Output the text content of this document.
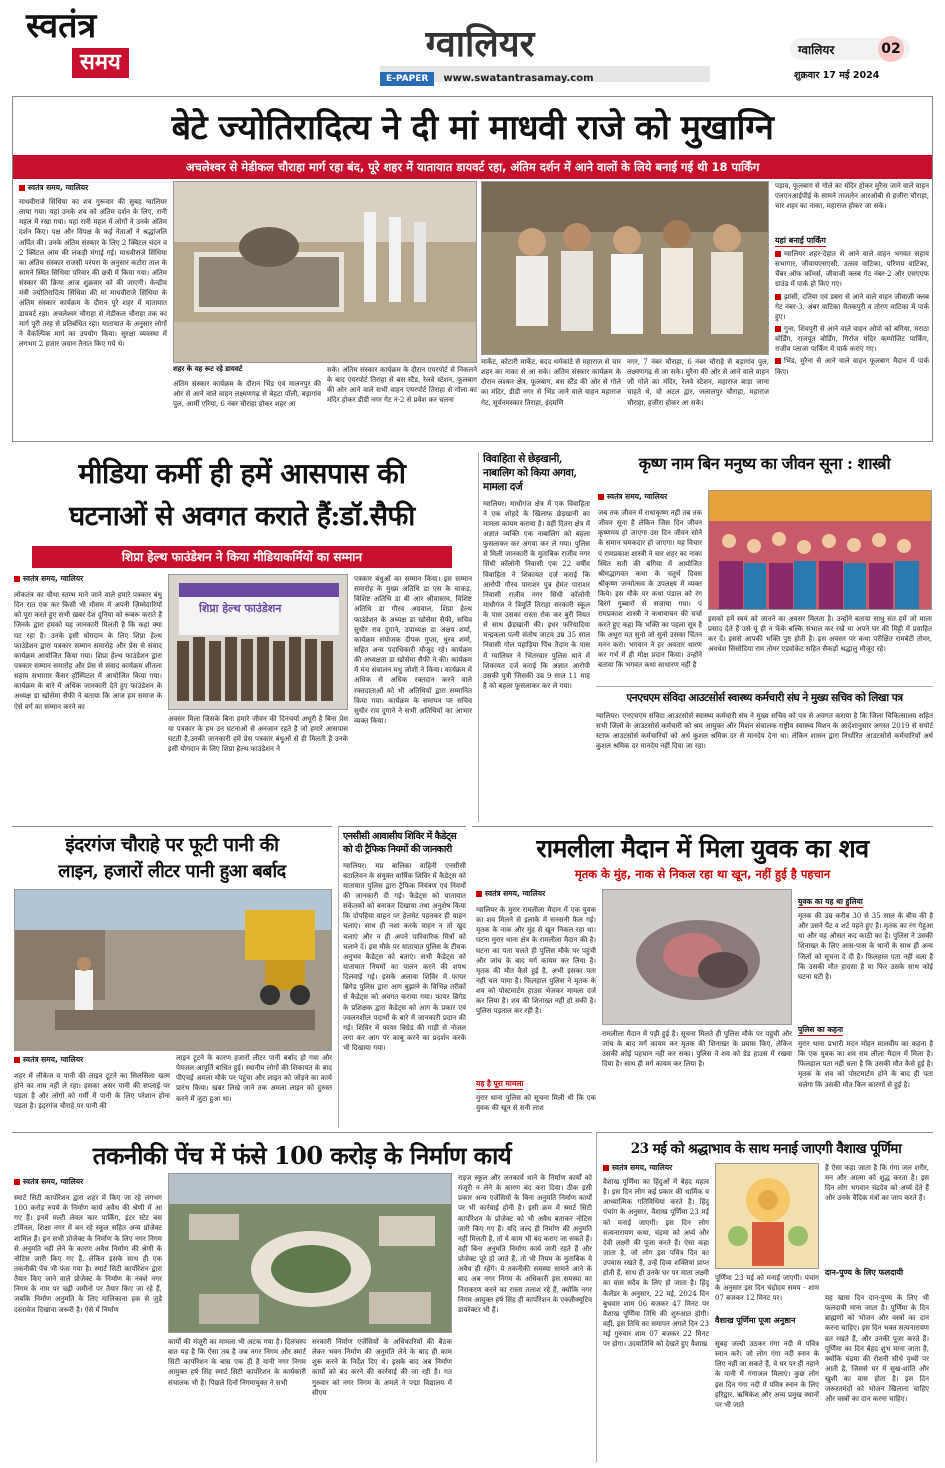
स्वतंत्र
समय	ग्वालियर
E-PAPER www.swatantrasamay.com
ग्वालियर	02
शुक्रवार 17 मई 2024
बेटे ज्योतिरादित्य ने दी मां माधवी राजे को मुखाग्नि
अचलेश्वर से मेडीकल चौराहा मार्ग रहा बंद, पूरे शहर में यातायात डायवर्ट रहा, अंतिम दर्शन में आने वालों के लिये बनाई गई थी 18 पार्किंग
स्वतंत्र समय, ग्वालियर
माधवीराजे सिंधिया का शव गुरूवार की सुबह ग्वालियर लाया गया। यहां उनके शव को अंतिम दर्शन के लिए, रानी महल में रखा गया। यहां रानी महल में लोगों ने उनके अंतिम दर्शन किए। पक्ष और विपक्ष के कई नेताओं ने श्रद्धांजलि अर्पित की। उनके अंतिम संस्कार के लिए 2 क्विंटल चंदन व 2 क्विंटल आम की लकड़ी मंगाई गई। माधवीराजे सिंधिया का अंतिम संस्कार राजसी परंपरा के अनुसार कटोरा ताल के सामने स्थित सिंधिया परिवार की छत्री में किया गया। अंतिम संस्कार की क्रिया आज शुक्रवार को की जाएगी। केन्द्रीय मंत्री ज्योतिरादित्य सिंधिया की मां माधवीराजे सिंधिया के अंतिम संस्कार कार्यक्रम के दौरान पूरे शहर में यातायात डायवर्ट रहा। अचलेश्वर चौराहा से मेडीकल चौराहा तक का मार्ग पूरी तरह से प्रतिबंधित रहा। यातायात के अनुसार लोगों ने वैकल्पिक मार्ग का उपयोग किया। सुरक्षा व्यवस्था में लगभग 2 हजार जवान तैनात किए गये थे।
शहर के यह रूट रहे डायवर्ट
अंतिम संस्कार कार्यक्रम के दौरान भिंड एवं मालनपुर की ओर से आने वाले वाहन लक्ष्मणगढ़ से बेहटा पॉली, बड़ागांव पुल, आर्मी एरिया, 6 नंबर चौराहा होकर शहर आ
सके। अंतिम संस्कार कार्यक्रम के दौरान एयरपोर्ट से निकलने के बाद एयरपोर्ट तिराहा से बस स्टैंड, रेलवे स्टेशन, फूलबाग की ओर आने वाले सभी वाहन एयरपोर्ट तिराहा से गोला का मंदिर होकर डीडी नगर गेट नं-2 से प्रवेश कर चलना
मार्केट, कोटारी मार्केट, बदद धर्मकांटे से महाराज से चार शहर का नाका से आ सके। अंतिम संस्कार कार्यक्रम के दौरान लश्कर क्षेत्र, फूलबाग, बस स्टैंड की ओर से गोले का मंदिर, डीडी नगर से भिंड जाने वाले वाहन महाराज गेट, सूर्यनमस्कार तिराहा, इंदमणि
नगर, 7 नंबर चौराहा, 6 नंबर चौराहे से बड़ागांव पुल, लक्ष्मणगढ़ से जा सके। मुरैना की ओर से आने वाले वाहन जौ गोले का मंदिर, रेलवे स्टेशन, महाराज बाड़ा जाना चाहते थे, वो अटल द्वार, जलालपुर चौराहा, महाराज चौराहा, हजीरा होकर आ सके।
पड़ाव, फूलबाग से गोले का मंदिर होकर मुरैना जाने वाले वाहन एलएनआईपीई के सामने ताजलेन आरओबी से हजीरा चौराहा, चार शहर का नाका, महाराज होकर जा सके।
यहां बनाई पार्किंग
ग्वालियर शहर-देहात से आने वाले वाहन भगवत सहाय सभागार, जीवायएसएसी, उत्सव वाटिका, परिणय वाटिका, चैंबर ऑफ कॉमर्स, जीवाजी क्लब गेट नंबर-2 और एसएएफ ग्राउंड में पार्क हो किए गए।
झांसी, दतिया एवं डबरा से आने वाले वाहन जीवाजी क्लब गेट नंबर-3, अंबर वाटिका चैतकपुरी व तोरण वाटिका में पार्क हुए।
गुना, शिवपुरी से आने वाले वाहन ओपो को बगिया, मराठा बोर्डिंग, राजपूत बोर्डिंग, गिर्राज मंदिर कम्पोजिट पार्किंग, राजीव प्लाजा पार्किंग में पार्क कराए गए।
भिंड, मुरैना से आने वाले वाहन फूलबाग मैदान में पार्क किए।
मीडिया कर्मी ही हमें आसपास की
घटनाओं से अवगत कराते हैं:डॉ.सैफी
शिप्रा हेल्थ फाउंडेशन ने किया मीडियाकर्मियों का सम्मान
स्वतंत्र समय, ग्वालियर
लोकतंत्र का चौथा स्तम्भ माने जाने वाले हमारे पत्रकार बंधु दिन रात एक कर किसी भी मौसम में अपनी ज़िम्मेदारियों को पूरा करते हुए सभी ख़बर देश दुनिया को रूबरू कराते हैं जिनके द्वारा हमको यह जानकारी मिलती है कि कहां क्या घट रहा है। उनके इसी योगदान के लिए शिप्रा हेल्थ फाउंडेशन द्वारा पत्रकार सम्मान समारोह और प्रेस से संवाद कार्यक्रम आयोजित किया गया। शिप्रा हेल्थ फाउंडेशन द्वारा पत्रकार सम्मान समारोह और प्रेस से संवाद कार्यक्रम शीतला सहाय सभागार कैंसर हॉस्पिटल में आयोजित किया गया। कार्यक्रम के बारे में अधिक जानकारी देते हुए फाउंडेशन के अध्यक्ष डा खोसेमा सैफी ने बताया कि आज हम समाज के ऐसे वर्ग का सम्मान करने का
शिप्रा हेल्थ फाउंडेशन
अवसर मिला जिसके बिना हमारे जीवन की दिनचर्या अधूरी है बिना प्रेस या पत्रकार के हम उन घटनाओं से अनजान रहते है जो हमारे आसपास घटती है,उनकी जानकारी हमें प्रेस पत्रकार बंधुओं से ही मिलती है उनके इसी योगदान के लिए शिप्रा हेल्थ फाउंडेशन ने
पत्रकार बंधुओं का सम्मान किया। इस सम्मान समारोह के मुख्य अतिथि डा एस के चाकड़, विशिष्ट अतिथि डा बी आर श्रीवास्तव, विशिष्ट अतिथि डा गौरव अग्रवाल, शिप्रा हेल्थ फाउंडेशन के अध्यक्ष डा खोसेमा सैफी, सचिव सुधीर राव दुगाने, उपाध्यक्ष डा अक्षय शर्मा, कार्यक्रम संयोजक दीपक गुप्ता, धुरव शर्मा, सहित अन्य पदाधिकारी मौजूद रहे। कार्यक्रम की अध्यक्षता डा खोसेमा सैफी ने की। कार्यक्रम में मंच संचालन मधु जोशी ने किया। कार्यक्रम में अधिक से अधिक रक्तदान करने वाले रक्तदाताओं को भी अतिथियों द्वारा सम्मानित किया गया। कार्यक्रम के समापन पर सचिव सुधीर राव दुगाने ने सभी अतिथियों का आभार व्यक्त किया।
विवाहिता से छेड़खानी, नाबालिग को किया अगवा, मामला दर्ज
ग्वालियर। माधौगंज क्षेत्र में एक विवाहिता ने एक शोहदे के खिलाफ छेड़खानी का मामला कायम कराया है। वहीं दितरा क्षेत्र में अज्ञात व्यक्ति एक नाबालिग को बहला फुसलाकर कर अगवा कर ले गया। पुलिस से मिली जानकारी के मुताबिक राजीव नगर सिंधी कॉलोनी निवासी एक 22 वर्षीय विवाहिता ने शिकायत दर्ज कराई कि आरोपी गौरव पाराशर पुत्र हेमंत पाराशर निवासी राजीव नगर सिंधी कॉलोनी माधौगंज ने त्रिमूर्ति तिराहा सरकारी स्कूल के पास उसका रास्ता रोक कर बुरी नियत से साथ छेड़खानी की। इधर फरियादिया चन्द्रकला पत्नी संतोष जाटव उम्र 35 साल निवासी गोल पहाड़िया पिंच तैदाम के पास में ग्वालियर ने भितरवार पुलिस थाने में शिकायत दर्ज कराई कि अज्ञात आरोपी उसकी पुत्री जिसकी उम्र 9 साल 11 माह है को बहला फुसलाकर कर ले गया।
कृष्ण नाम बिन मनुष्य का जीवन सूना : शास्त्री
स्वतंत्र समय, ग्वालियर
जब तक जीवन में राधाकृष्ण नहीं तब तक जीवन सूना है लेकिन जिस दिन जीवन कृष्णमय हो जाएगा उस दिन जीवन सोने के समान चमकदार हो जाएगा। यह विचार पं रामप्रकाश शास्त्री ने चार शहर का नाका स्थित सती की बगिया में आयोजित श्रीमद्भागवत कथा के चतुर्थ दिवस श्रीकृष्ण जन्मोत्सव के उपलक्ष्य में व्यक्त किये। इस मौके पर कथा पंडाल को रंग बिरंगे गुब्बारों से सजाया गया। पं रामप्रकाश शास्त्री ने कथावाचन की चर्चा करते हुए कहा कि भक्ति का पहला सूत्र है कि अधूरा मत सुनो जो सुनो उसका चिंतन मनन करो। भगवान ने हर अवतार धारण कर गर्भ में ही मोक्ष प्रदान किया। उन्होंने बताया कि भगवत कथा साधारण नहीं है
इसको हमें स्वयं को जानने का अवसर मिलता है। उन्होंने बताया साधु संत हमें जो माला प्रसाद देते हैं उसे यूं ही न फेंके बल्कि संभाल कर रखें या अपने घर की मिट्टी में प्रवाहित कर दें। इससे आपकी भक्ति पुष्ट होती है। इस अवसर पर कथा परीक्षित रामबेटी तोमर, अवधेश सिसोदिया राम तोमर एडवोकेट सहित सैकड़ों श्रद्धालु मौजूद रहे।
एनएचएम संविदा आउटसोर्स स्वास्थ्य कर्मचारी संघ ने मुख्य सचिव को लिखा पत्र
ग्वालियर। एनएचएम संविदा आउटसोर्स स्वास्थ्य कर्मचारी संघ ने मुख्य सचिव को पत्र से अवगत कराया है कि जिला चिकित्सालय सहित सभी जिलों के आउटसोर्स कर्मचारी को श्रम आयुक्त और मिशन संचालक राष्ट्रीय स्वास्थ्य मिशन के आदेशानुसार अगस्त 2019 से सपोर्ट स्टाफ आउटसोर्स कर्मचारियों को अर्ध कुशल श्रमिक दर से मानदेय देना था। लेकिन शासन द्वारा निर्धारित आउटसोर्स कर्मचारियों अर्ध कुशल श्रमिक दर मानदेय नहीं दिया जा रहा।
इंदरगंज चौराहे पर फूटी पानी की
लाइन, हजारों लीटर पानी हुआ बर्बाद
स्वतंत्र समय, ग्वालियर
शहर में लीकेज व पानी की लाइन टूटने का सिलसिला खत्म होने का नाम नहीं ले रहा। इसका असर पानी की सप्लाई पर पड़ता है और लोगों को गर्मी में पानी के लिए परेशान होना पड़ता है। इंदरगंज चौराहे पर पानी की
लाइन टूटने के कारण हजारों लीटर पानी बर्बाद हो गया और पेयजल आपूर्ति बाधित हुई। स्थानीय लोगों की शिकायत के बाद पीएचई अमला मौके पर पहुंचा और लाइन को जोड़ने का कार्य प्रारंभ किया। खबर लिखे जाने तक अमला लाइन को दुरुस्त करने में जुटा हुआ था।
एनसीसी आवासीय शिविर में कैडेट्स को दी ट्रैफिक नियमों की जानकारी
ग्वालियर। मप्र बालिका वाहिनी एनसीसी बटालियन के संयुक्त वार्षिक शिविर में कैडेट्स को यातायात पुलिस द्वारा ट्रैफिक नियंत्रण एवं नियमों की जानकारी दी गई। कैडेट्स को यातायात संकेतकों को बनाकर दिखाया तथा अनुशेष किया कि दोपहिया वाहन पर हेलमेट पहनकर ही वाहन चलाएं। साथ ही नशा करके वाहन न तो खुद चलाएं और न ही अपने पारिवारिक मित्रों को चलाने दें। इस मौके पर यातायात पुलिस के टीचक अनुभव कैडेट्स को बताएं। सभी कैडेट्स को यातायात नियमों का पालन करने की शपथ दिलवाई गई। इसके अलावा शिविर में फायर ब्रिगेड पुलिस द्वारा आग बुझाने के विभिन्न तरीकों से कैडेट्स को अवगत कराया गया। फायर ब्रिगेड के प्रशिक्षक द्वारा कैडेट्स को आग के प्रकार एवं ज्वलनशील पदार्थों के बारे में जानकारी प्रदान की गई। शिविर में फायर बिग्रेड की गाड़ी से नोजल लगा कर आग पर काबू करने का प्रदर्शन करके भी दिखाया गया।
रामलीला मैदान में मिला युवक का शव
मृतक के मुंह, नाक से निकल रहा था खून, नहीं हुई है पहचान
स्वतंत्र समय, ग्वालियर
ग्वालियर के मुरार रामलीला मैदान में एक युवक का शव मिलने से इलाके में सनसनी फैल गई। मृतक के नाक और मुंह से खून निकल रहा था। घटना मुरार थाना क्षेत्र के रामलीला मैदान की है। घटना का पता चलते ही पुलिस मौके पर पहुंची और जांच के बाद मर्ग कायम कर लिया है। मृतक की मौत कैसे हुई है, अभी इसका पता नहीं चल पाया है। फिलहाल पुलिस ने मृतक के शव को पोस्टमार्टम हाउस भेजकर मामला दर्ज कर लिया है। शव की शिनाख्त नहीं हो सकी है। पुलिस पड़ताल कर रही है।
यह है पूरा मामला
मुरार थाना पुलिस को सूचना मिली थी कि एक युवक की खून से सनी लाश
रामलीला मैदान में पड़ी हुई है। सूचना मिलते ही पुलिस मौके पर पहुंची और जांच के बाद मर्ग कायम कर मृतक की शिनाख्त के प्रयास किए, लेकिन उसकी कोई पहचान नहीं कर सका। पुलिस ने शव को डेड हाउस में रखवा दिया है। साथ ही मर्ग कायम कर लिया है।
युवक का यह था हुलिया
मृतक की उम्र करीब 30 से 35 साल के बीच की है और उसने पैंट व शर्ट पहने हुए है। मृतक का रंग गेहुंआ था और वह औसत कद काठी का है। पुलिस ने उसकी शिनाख्त के लिए आस-पास के थानों के साथ ही अन्य जिलों को सूचना दे दी है। फिलहाल पता नहीं चला है कि उसकी मौत हादसा है या फिर उसके साथ कोई घटना घटी है।
पुलिस का कहना
मुरार थाना प्रभारी मदन मोहन मालवीय का कहना है कि एक युवक का शव राम लीला मैदान में मिला है। फिलहाल पता नहीं चला है कि उसकी मौत कैसे हुई है। मृतक के शव को पोस्टमार्टम होने के बाद ही पता चलेगा कि उसकी मौत किन कारणों से हुई है।
तकनीकी पेंच में फंसे 100 करोड़ के निर्माण कार्य
स्वतंत्र समय, ग्वालियर
स्मार्ट सिटी कार्पोरेशन द्वारा शहर में किए जा रहे लगभग 100 करोड़ रुपये के निर्माण कार्य अवैध की श्रेणी में आ गए हैं। इनमें मल्टी लेवल कार पार्किंग, इंटर स्टेट बस टर्मिनल, शिक्षा नगर में बन रहे स्कूल सहित अन्य प्रोजेक्ट शामिल हैं। इन सभी प्रोजेक्ट के निर्माण के लिए नगर निगम से अनुमति नहीं लेने के कारण अवैध निर्माण की श्रेणी के नोटिस जारी किए गए हैं, लेकिन इसके साथ ही एक तकनीकी पेंच भी फंस गया है। स्मार्ट सिटी कार्पोरेशन द्वारा तैयार किए जाने वाले प्रोजेक्ट के निर्माण के नक्शे नगर निगम के नाम पर चढ़ी जमीनों पर तैयार किए जा रहे हैं, जबकि निर्माण अनुमति के लिए मालिकाना हक से जुड़े दस्तावेज दिखाना जरूरी है। ऐसे में निर्माण
कार्यों की मंजूरी का मामला भी अटक गया है। दिलचस्प बात यह है कि ऐसा तब है जब नगर निगम और स्मार्ट सिटी कार्पोरेशन के बास एक ही हैं यानी नगर निगम आयुक्त हर्ष सिंह स्मार्ट सिटी कार्पोरेशन के कार्यकारी संचालक भी हैं। पिछले दिनों निगमायुक्त ने सभी
सरकारी निर्माण एजेंसियों के अधिकारियों की बैठक लेकर भवन निर्माण की अनुमति लेने के बाद ही काम शुरू करने के निर्देश दिए थे। इसके बाद अब निर्माण कार्यों को बंद करने की कार्रवाई की जा रही है। गत गुरुवार को नगर निगम के अमले ने पद्मा विद्यालय में सीएम
राइज स्कूल और जनकार्य थाने के निर्माण कार्यों को मंजूरी न लेने के कारण बंद करा दिया। ठीक इसी प्रकार अन्य एजेंसियों के बिना अनुमति निर्माण कार्यों पर भी कार्रवाई होनी है। इसी क्रम में स्मार्ट सिटी कार्पोरेशन के प्रोजेक्ट को भी अवैध बताकर नोटिस जारी किए गए हैं। यदि जल्द ही निर्माण की अनुमति नहीं मिलती है, तो ये काम भी बंद कराए जा सकते हैं। वहीं बिना अनुमति निर्माण कार्य जारी रहते हैं और प्रोजेक्ट पूरे हो जाते हैं, तो भी नियम के मुताबिक ये अवैध ही रहेंगे। ये तकनीकी समस्या सामने आने के बाद अब नगर निगम के अधिकारी इस समस्या का निराकरण करने का रास्ता तलाश रहे हैं, क्योंकि नगर निगम आयुक्त हर्ष सिंह ही कार्पोरेशन के एक्जीक्यूटिव डायरेक्टर भी हैं।
23 मई को श्रद्धाभाव के साथ मनाई जाएगी वैशाख पूर्णिमा
स्वतंत्र समय, ग्वालियर
वैशाख पूर्णिमा का हिंदुओं में बेहद महत्व है। इस दिन लोग कई प्रकार की धार्मिक व आध्यात्मिक गतिविधियां करते हैं। हिंदू पंचांग के अनुसार, वैशाख पूर्णिमा 23 मई को मनाई जाएगी। इस दिन लोग सत्यनारायण कथा, चंद्रमा को अर्घ्य और देवी लक्ष्मी की पूजा करते हैं। ऐसा कहा जाता है, जो लोग इस पवित्र दिन का उपवास रखते हैं, उन्हें दिव्य शक्तियां प्राप्त होती हैं, साथ ही उनके घर पर माता लक्ष्मी का वास सदैव के लिए हो जाता है। हिंदू कैलेंडर के अनुसार, 22 मई, 2024 दिन बुधवार शाम 06 बजकर 47 मिनट पर वैशाख पूर्णिमा तिथि की शुरुआत होगी। वहीं, इस तिथि का समापन अगले दिन 23 मई गुरुवार शाम 07 बजकर 22 मिनट पर होगा। उदयातिथि को देखते हुए वैशाख
पूर्णिमा 23 मई को मनाई जाएगी। पंचांग के अनुसार इस दिन चंद्रोदय समय - शाम 07 बजकर 12 मिनट पर।
वैशाख पूर्णिमा पूजा अनुष्ठान
सुबह जल्दी उठकर गंगा नदी में पवित्र स्नान करें। जो लोग गंगा नदी स्नान के लिए नहीं जा सकते हैं, वे घर पर ही नहाने के पानी में गंगाजल मिलाएं। कुछ लोग इस दिन गंगा नदी में पवित्र स्नान के लिए हरिद्वार, ऋषिकेश और अन्य प्रमुख स्थानों पर भी जाते
हैं ऐसा कहा जाता है कि गंगा जल शरीर, मन और आत्मा को शुद्ध करता है। इस दिन लोग भगवान चंद्रदेव को अर्घ्य देते हैं और उनके वैदिक मंत्रों का जाप करते हैं।
दान-पुण्य के लिए फलदायी
यह खास दिन दान-पुण्य के लिए भी फलदायी माना जाता है। पूर्णिमा के दिन ब्राह्मणों को भोजन और वस्त्रों का दान करना चाहिए। इस दिन भक्त सत्यनारायण व्रत रखते हैं, और उनकी पूजा करते हैं। पूर्णिमा का दिन बेहद शुभ माना जाता है, क्योंकि चंद्रमा की रोशनी सीधे पृथ्वी पर आती है, जिससे घर में सुख-शांति और खुशी का वास होता है। इस दिन जरूरतमंदों को भोजन खिलाना चाहिए और वस्त्रों का दान करना चाहिए।
